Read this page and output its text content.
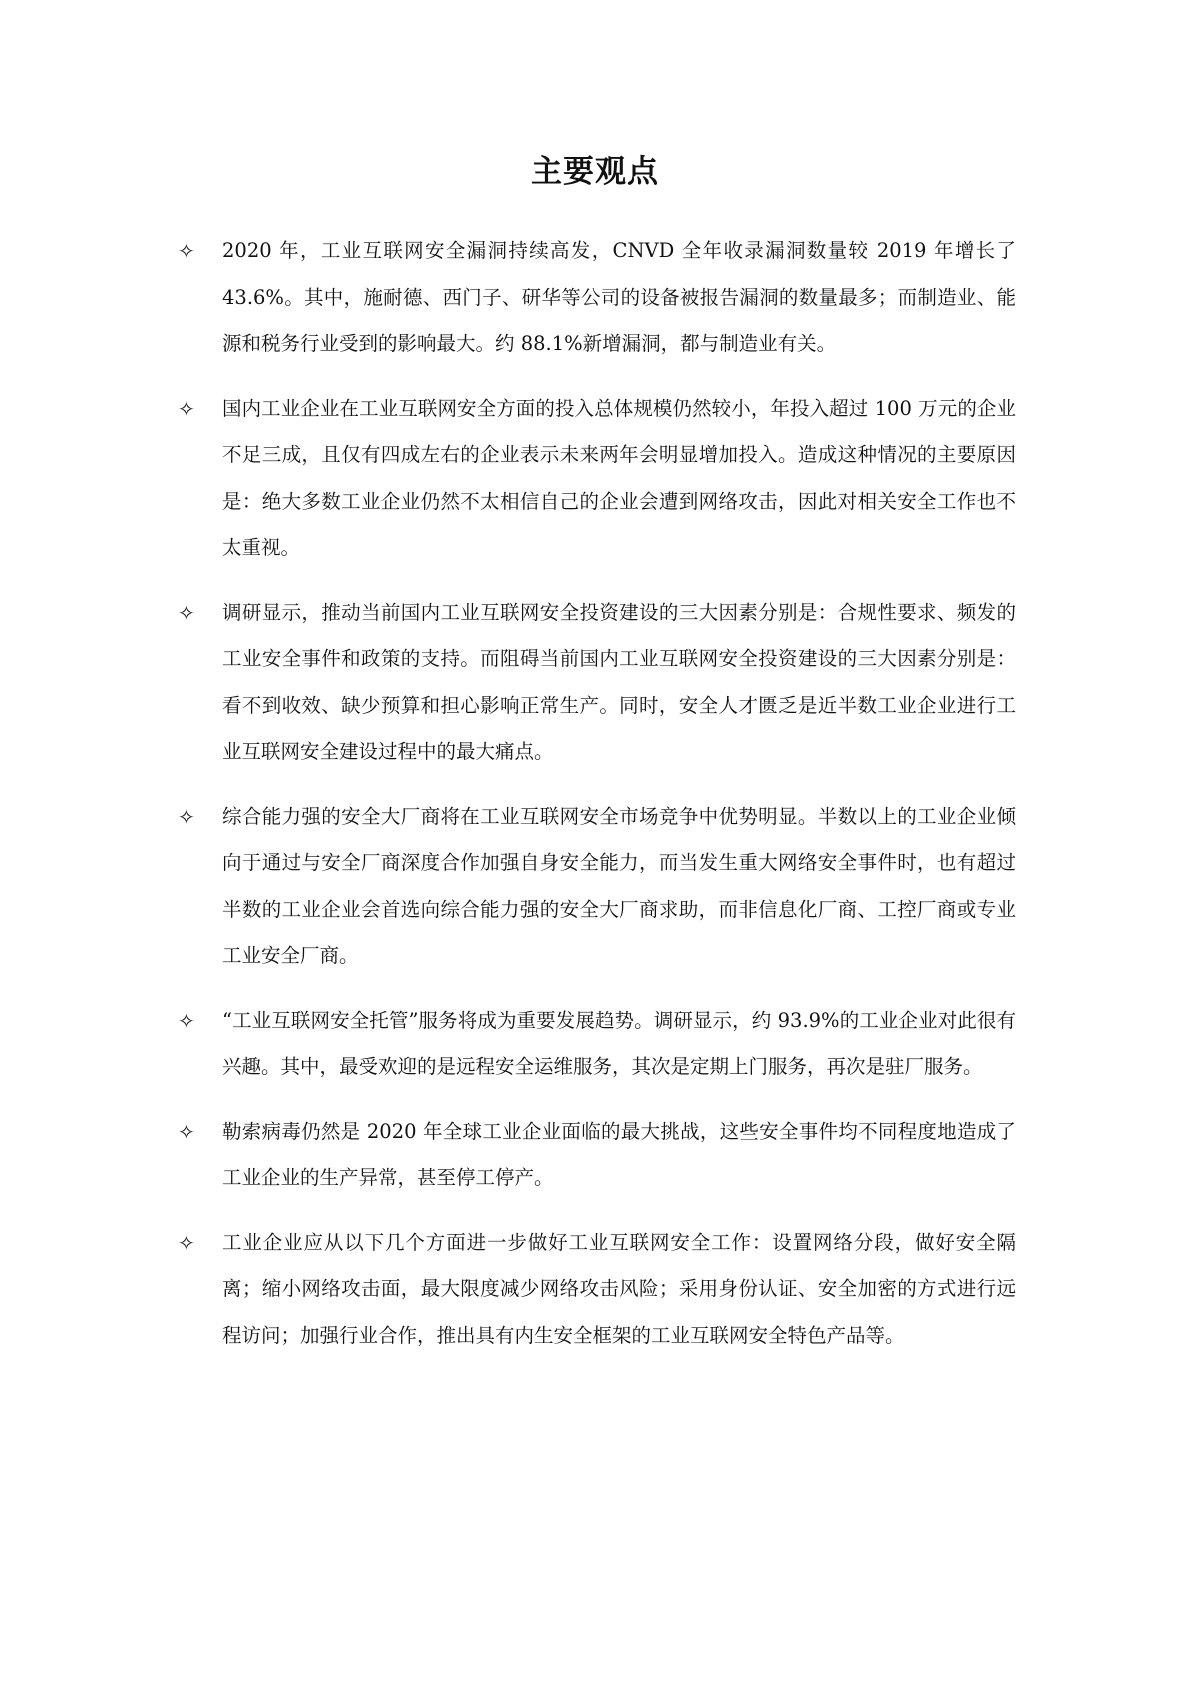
主要观点
✧	2020 年，工业互联网安全漏洞持续高发，CNVD 全年收录漏洞数量较 2019 年增长了43.6%。其中，施耐德、西门子、研华等公司的设备被报告漏洞的数量最多；而制造业、能源和税务行业受到的影响最大。约 88.1%新增漏洞，都与制造业有关。
✧	国内工业企业在工业互联网安全方面的投入总体规模仍然较小，年投入超过 100 万元的企业不足三成，且仅有四成左右的企业表示未来两年会明显增加投入。造成这种情况的主要原因是：绝大多数工业企业仍然不太相信自己的企业会遭到网络攻击，因此对相关安全工作也不太重视。
✧	调研显示，推动当前国内工业互联网安全投资建设的三大因素分别是：合规性要求、频发的工业安全事件和政策的支持。而阻碍当前国内工业互联网安全投资建设的三大因素分别是：看不到收效、缺少预算和担心影响正常生产。同时，安全人才匮乏是近半数工业企业进行工业互联网安全建设过程中的最大痛点。
✧	综合能力强的安全大厂商将在工业互联网安全市场竞争中优势明显。半数以上的工业企业倾向于通过与安全厂商深度合作加强自身安全能力，而当发生重大网络安全事件时，也有超过半数的工业企业会首选向综合能力强的安全大厂商求助，而非信息化厂商、工控厂商或专业工业安全厂商。
✧	“工业互联网安全托管”服务将成为重要发展趋势。调研显示，约 93.9%的工业企业对此很有兴趣。其中，最受欢迎的是远程安全运维服务，其次是定期上门服务，再次是驻厂服务。
✧	勒索病毒仍然是 2020 年全球工业企业面临的最大挑战，这些安全事件均不同程度地造成了工业企业的生产异常，甚至停工停产。
✧	工业企业应从以下几个方面进一步做好工业互联网安全工作：设置网络分段，做好安全隔离；缩小网络攻击面，最大限度减少网络攻击风险；采用身份认证、安全加密的方式进行远程访问；加强行业合作，推出具有内生安全框架的工业互联网安全特色产品等。
